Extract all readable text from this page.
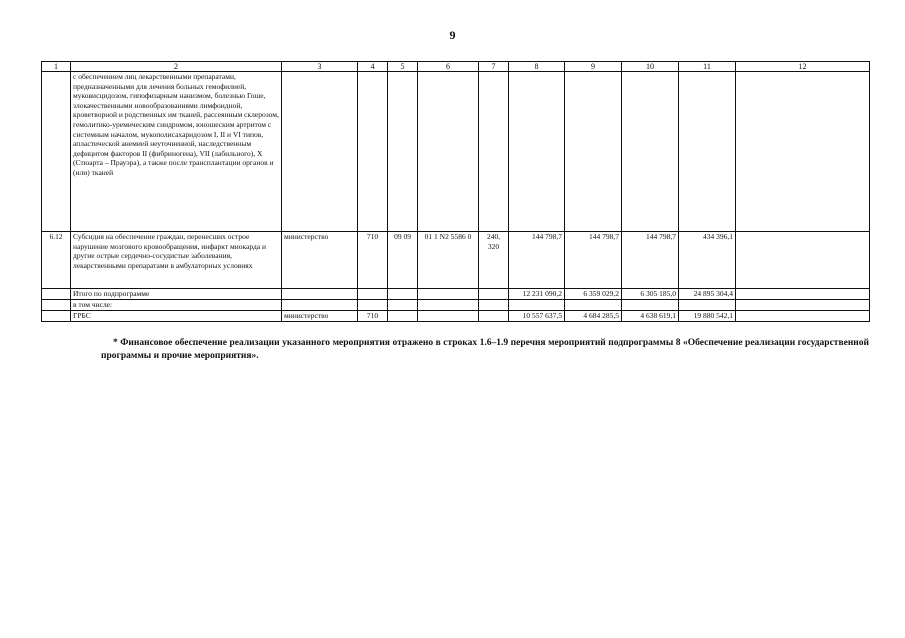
9
1	2	3	4	5	6	7	8	9	10	11	12
	с обеспечением лиц лекарственными препаратами, предназначенными для лечения больных гемофилией, муковисцидозом, гипофизарным нанизмом, болезнью Гоше, злокачественными новообразованиями лимфоидной, кроветворной и родственных им тканей, рассеянным склерозом, гемолитико-уремическим синдромом, юношеским артритом с системным началом, мукополисахаридозом I, II и VI типов, апластической анемией неуточненной, наследственным дефицитом факторов II (фибриногена), VII (лабильного), X (Стюарта – Прауэра), а также после трансплантации органов и (или) тканей										
6.12	Субсидия на обеспечение граждан, перенесших острое нарушение мозгового кровообращения, инфаркт миокарда и другие острые сердечно-сосудистые заболевания, лекарственными препаратами в амбулаторных условиях	министерство	710	09 09	01 1 N2 5586 0	240, 320	144 798,7	144 798,7	144 798,7	434 396,1	
	Итого по подпрограмме						12 231 090,2	6 359 029,2	6 305 185,0	24 895 304,4	
	в том числе:										
	ГРБС	министерство	710				10 557 637,5	4 684 285,5	4 638 619,1	19 880 542,1	
* Финансовое обеспечение реализации указанного мероприятия отражено в строках 1.6–1.9 перечня мероприятий подпрограммы 8 «Обеспечение реализации государственной программы и прочие мероприятия».
